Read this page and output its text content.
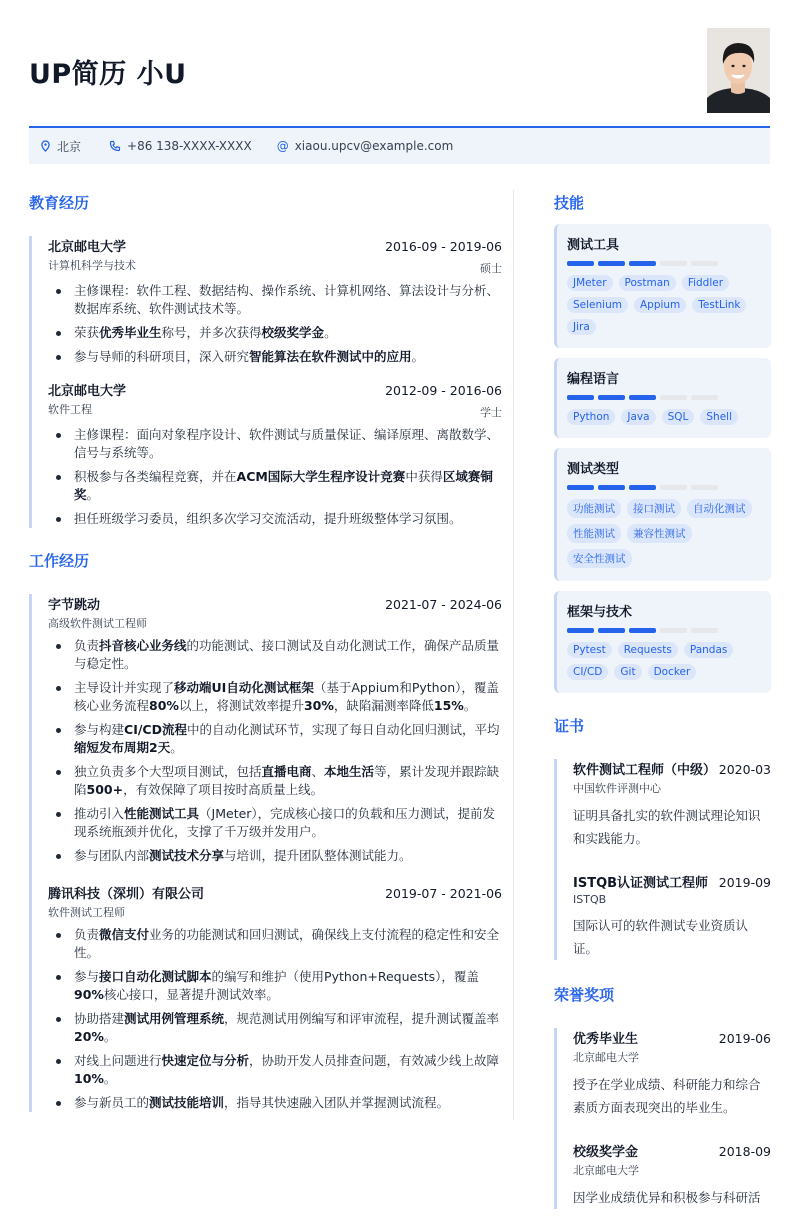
UP简历 小U
北京	+86 138-XXXX-XXXX @ xiaou.upcv@example.com
教育经历
北京邮电大学	2016-09 - 2019-06
计算机科学与技术	硕士
主修课程：软件工程、数据结构、操作系统、计算机网络、算法设计与分析、数据库系统、软件测试技术等。
荣获优秀毕业生称号，并多次获得校级奖学金。
参与导师的科研项目，深入研究智能算法在软件测试中的应用。
北京邮电大学	2012-09 - 2016-06
软件工程	学士
主修课程：面向对象程序设计、软件测试与质量保证、编译原理、离散数学、信号与系统等。
积极参与各类编程竞赛，并在ACM国际大学生程序设计竞赛中获得区域赛铜奖。
担任班级学习委员，组织多次学习交流活动，提升班级整体学习氛围。
工作经历
字节跳动	2021-07 - 2024-06
高级软件测试工程师
负责抖音核心业务线的功能测试、接口测试及自动化测试工作，确保产品质量与稳定性。
主导设计并实现了移动端UI自动化测试框架（基于Appium和Python），覆盖核心业务流程80%以上，将测试效率提升30%，缺陷漏测率降低15%。
参与构建CI/CD流程中的自动化测试环节，实现了每日自动化回归测试，平均缩短发布周期2天。
独立负责多个大型项目测试，包括直播电商、本地生活等，累计发现并跟踪缺陷500+，有效保障了项目按时高质量上线。
推动引入性能测试工具（JMeter），完成核心接口的负载和压力测试，提前发现系统瓶颈并优化，支撑了千万级并发用户。
参与团队内部测试技术分享与培训，提升团队整体测试能力。
腾讯科技（深圳）有限公司	2019-07 - 2021-06
软件测试工程师
负责微信支付业务的功能测试和回归测试，确保线上支付流程的稳定性和安全性。
参与接口自动化测试脚本的编写和维护（使用Python+Requests），覆盖90%核心接口，显著提升测试效率。
协助搭建测试用例管理系统，规范测试用例编写和评审流程，提升测试覆盖率20%。
对线上问题进行快速定位与分析，协助开发人员排查问题，有效减少线上故障10%。
参与新员工的测试技能培训，指导其快速融入团队并掌握测试流程。
技能
测试工具
JMeter	Postman	Fiddler
Selenium	Appium	TestLink
Jira
编程语言
Python	Java	SQL	Shell
测试类型
功能测试	接口测试	自动化测试
性能测试	兼容性测试
安全性测试
框架与技术
Pytest	Requests	Pandas
CI/CD	Git	Docker
证书
软件测试工程师（中级） 2020-03
中国软件评测中心
证明具备扎实的软件测试理论知识和实践能力。
ISTQB认证测试工程师 2019-09
ISTQB
国际认可的软件测试专业资质认证。
荣誉奖项
优秀毕业生	2019-06
北京邮电大学
授予在学业成绩、科研能力和综合素质方面表现突出的毕业生。
校级奖学金	2018-09
北京邮电大学
因学业成绩优异和积极参与科研活
